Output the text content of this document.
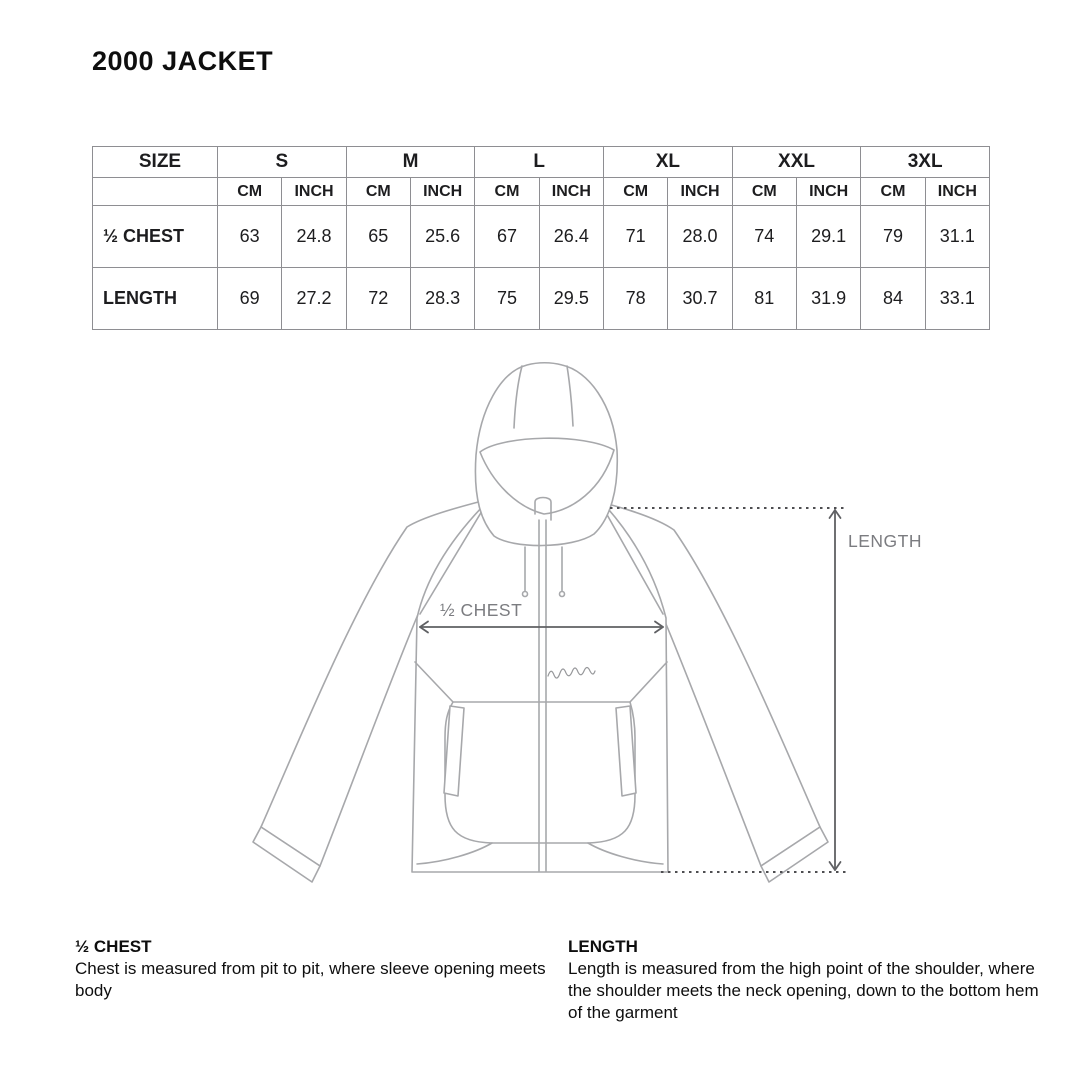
2000 JACKET
SIZE	S		M		L		XL		XXL		3XL	
	CM	INCH	CM	INCH	CM	INCH	CM	INCH	CM	INCH	CM	INCH
½ CHEST	63	24.8	65	25.6	67	26.4	71	28.0	74	29.1	79	31.1
LENGTH	69	27.2	72	28.3	75	29.5	78	30.7	81	31.9	84	33.1
½ CHEST
LENGTH
½ CHEST
Chest is measured from pit to pit, where sleeve opening meets body
LENGTH
Length is measured from the high point of the shoulder, where the shoulder meets the neck opening, down to the bottom hem of the garment
